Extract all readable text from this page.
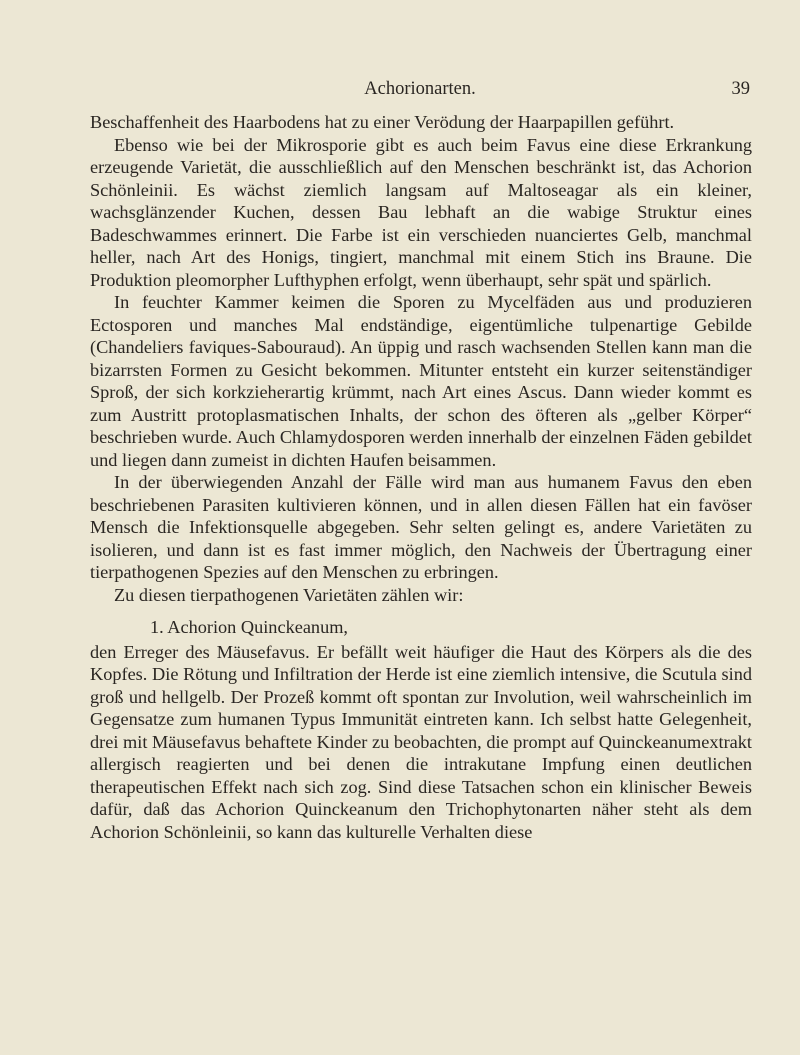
Achorionarten.	39

Beschaffenheit des Haarbodens hat zu einer Verödung der Haarpapillen geführt.

Ebenso wie bei der Mikrosporie gibt es auch beim Favus eine diese Erkrankung erzeugende Varietät, die ausschließlich auf den Menschen beschränkt ist, das Achorion Schönleinii. Es wächst ziemlich langsam auf Maltoseagar als ein kleiner, wachsglänzender Kuchen, dessen Bau lebhaft an die wabige Struktur eines Badeschwammes erinnert. Die Farbe ist ein verschieden nuanciertes Gelb, manchmal heller, nach Art des Honigs, tingiert, manchmal mit einem Stich ins Braune. Die Produktion pleomorpher Lufthyphen erfolgt, wenn überhaupt, sehr spät und spärlich.

In feuchter Kammer keimen die Sporen zu Mycelfäden aus und produzieren Ectosporen und manches Mal endständige, eigentümliche tulpenartige Gebilde (Chandeliers faviques-Sabouraud). An üppig und rasch wachsenden Stellen kann man die bizarrsten Formen zu Gesicht bekommen. Mitunter entsteht ein kurzer seitenständiger Sproß, der sich korkzieherartig krümmt, nach Art eines Ascus. Dann wieder kommt es zum Austritt protoplasmatischen Inhalts, der schon des öfteren als „gelber Körper“ beschrieben wurde. Auch Chlamydosporen werden innerhalb der einzelnen Fäden gebildet und liegen dann zumeist in dichten Haufen beisammen.

In der überwiegenden Anzahl der Fälle wird man aus humanem Favus den eben beschriebenen Parasiten kultivieren können, und in allen diesen Fällen hat ein favöser Mensch die Infektionsquelle abgegeben. Sehr selten gelingt es, andere Varietäten zu isolieren, und dann ist es fast immer möglich, den Nachweis der Übertragung einer tierpathogenen Spezies auf den Menschen zu erbringen.

Zu diesen tierpathogenen Varietäten zählen wir:

1. Achorion Quinckeanum,

den Erreger des Mäusefavus. Er befällt weit häufiger die Haut des Körpers als die des Kopfes. Die Rötung und Infiltration der Herde ist eine ziemlich intensive, die Scutula sind groß und hellgelb. Der Prozeß kommt oft spontan zur Involution, weil wahrscheinlich im Gegensatze zum humanen Typus Immunität eintreten kann. Ich selbst hatte Gelegenheit, drei mit Mäusefavus behaftete Kinder zu beobachten, die prompt auf Quinckeanumextrakt allergisch reagierten und bei denen die intrakutane Impfung einen deutlichen therapeutischen Effekt nach sich zog. Sind diese Tatsachen schon ein klinischer Beweis dafür, daß das Achorion Quinckeanum den Trichophytonarten näher steht als dem Achorion Schönleinii, so kann das kulturelle Verhalten diese
